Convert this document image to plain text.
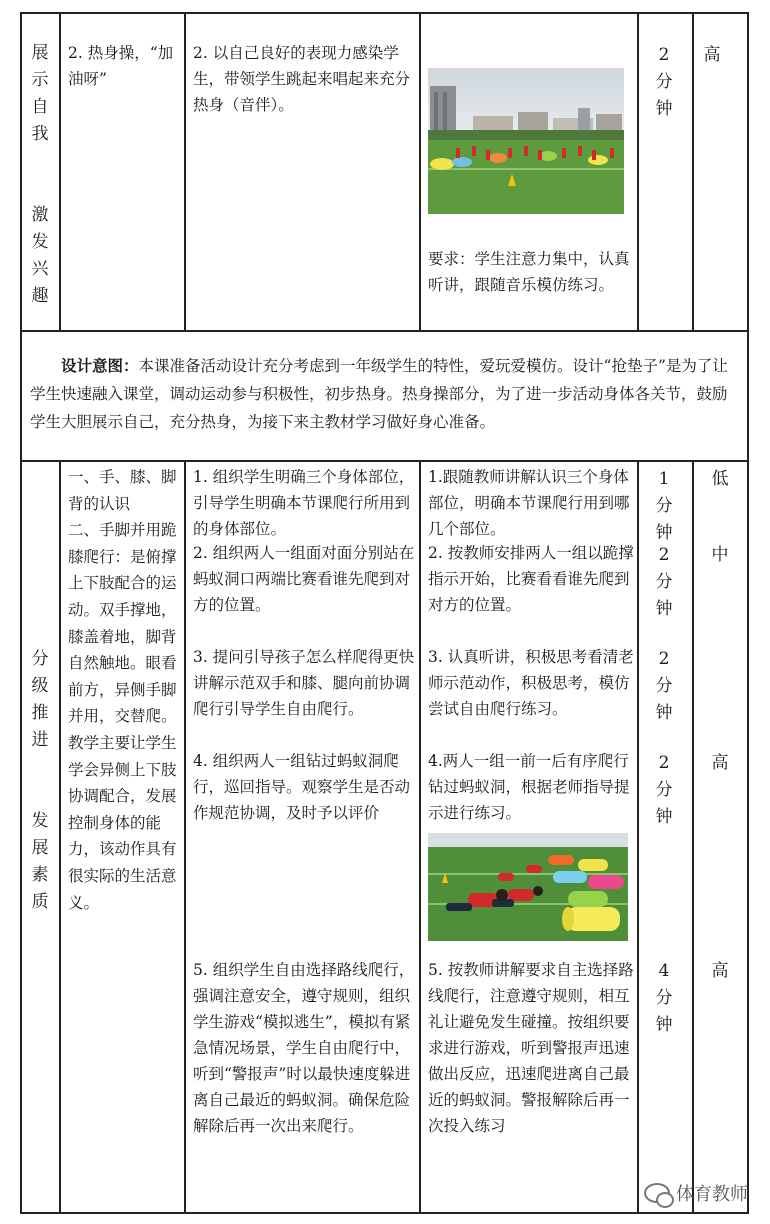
展
示
自
我

激
发
兴
趣
2. 热身操，“加油呀”
2. 以自己良好的表现力感染学生，带领学生跳起来唱起来充分热身（音伴）。
要求：学生注意力集中，认真听讲，跟随音乐模仿练习。
2
分
钟
高
设计意图：本课准备活动设计充分考虑到一年级学生的特性，爱玩爱模仿。设计“抢垫子”是为了让学生快速融入课堂，调动运动参与积极性，初步热身。热身操部分，为了进一步活动身体各关节，鼓励学生大胆展示自己，充分热身，为接下来主教材学习做好身心准备。
分
级
推
进

发
展
素
质
一、手、膝、脚背的认识
二、手脚并用跪膝爬行：是俯撑上下肢配合的运动。双手撑地，膝盖着地，脚背自然触地。眼看前方，异侧手脚并用，交替爬。教学主要让学生学会异侧上下肢协调配合，发展控制身体的能力，该动作具有很实际的生活意义。
1. 组织学生明确三个身体部位，引导学生明确本节课爬行所用到的身体部位。
2. 组织两人一组面对面分别站在蚂蚁洞口两端比赛看谁先爬到对方的位置。
3. 提问引导孩子怎么样爬得更快讲解示范双手和膝、腿向前协调爬行引导学生自由爬行。
4. 组织两人一组钻过蚂蚁洞爬行，巡回指导。观察学生是否动作规范协调，及时予以评价
5. 组织学生自由选择路线爬行，强调注意安全，遵守规则，组织学生游戏“模拟逃生”，模拟有紧急情况场景，学生自由爬行中，听到“警报声”时以最快速度躲进离自己最近的蚂蚁洞。确保危险解除后再一次出来爬行。
1.跟随教师讲解认识三个身体部位，明确本节课爬行用到哪几个部位。
2. 按教师安排两人一组以跪撑指示开始，比赛看看谁先爬到对方的位置。
3. 认真听讲，积极思考看清老师示范动作，积极思考，模仿尝试自由爬行练习。
4.两人一组一前一后有序爬行钻过蚂蚁洞，根据老师指导提示进行练习。
5. 按教师讲解要求自主选择路线爬行，注意遵守规则，相互礼让避免发生碰撞。按组织要求进行游戏，听到警报声迅速做出反应，迅速爬进离自己最近的蚂蚁洞。警报解除后再一次投入练习
1
分
钟
2
分
钟
2
分
钟
2
分
钟
4
分
钟
低
中
高
高
体育教师
